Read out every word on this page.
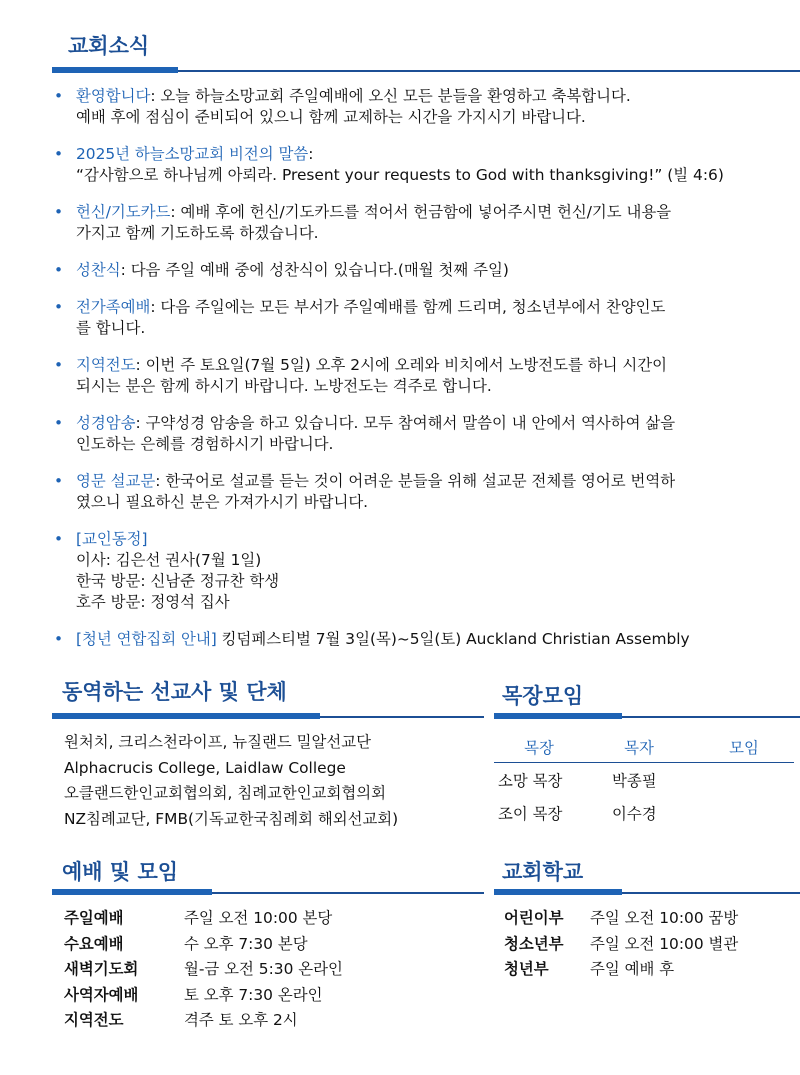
교회소식
• 환영합니다: 오늘 하늘소망교회 주일예배에 오신 모든 분들을 환영하고 축복합니다.
예배 후에 점심이 준비되어 있으니 함께 교제하는 시간을 가지시기 바랍니다.
• 2025년 하늘소망교회 비전의 말씀:
“감사함으로 하나님께 아뢰라. Present your requests to God with thanksgiving!” (빌 4:6)
• 헌신/기도카드: 예배 후에 헌신/기도카드를 적어서 헌금함에 넣어주시면 헌신/기도 내용을
가지고 함께 기도하도록 하겠습니다.
• 성찬식: 다음 주일 예배 중에 성찬식이 있습니다.(매월 첫째 주일)
• 전가족예배: 다음 주일에는 모든 부서가 주일예배를 함께 드리며, 청소년부에서 찬양인도
를 합니다.
• 지역전도: 이번 주 토요일(7월 5일) 오후 2시에 오레와 비치에서 노방전도를 하니 시간이
되시는 분은 함께 하시기 바랍니다. 노방전도는 격주로 합니다.
• 성경암송: 구약성경 암송을 하고 있습니다. 모두 참여해서 말씀이 내 안에서 역사하여 삶을
인도하는 은혜를 경험하시기 바랍니다.
• 영문 설교문: 한국어로 설교를 듣는 것이 어려운 분들을 위해 설교문 전체를 영어로 번역하
였으니 필요하신 분은 가져가시기 바랍니다.
• [교인동정]
이사: 김은선 권사(7월 1일)
한국 방문: 신남준 정규찬 학생
호주 방문: 정영석 집사
• [청년 연합집회 안내] 킹덤페스티벌 7월 3일(목)~5일(토) Auckland Christian Assembly
동역하는 선교사 및 단체
원처치, 크리스천라이프, 뉴질랜드 밀알선교단
Alphacrucis College, Laidlaw College
오클랜드한인교회협의회, 침례교한인교회협의회
NZ침례교단, FMB(기독교한국침례회 해외선교회)
목장모임
목장	목자	모임
소망 목장	박종필	
조이 목장	이수경	
예배 및 모임
주일예배	주일 오전 10:00 본당
수요예배	수 오후 7:30 본당
새벽기도회	월-금 오전 5:30 온라인
사역자예배	토 오후 7:30 온라인
지역전도	격주 토 오후 2시
교회학교
어린이부	주일 오전 10:00 꿈방
청소년부	주일 오전 10:00 별관
청년부	주일 예배 후
